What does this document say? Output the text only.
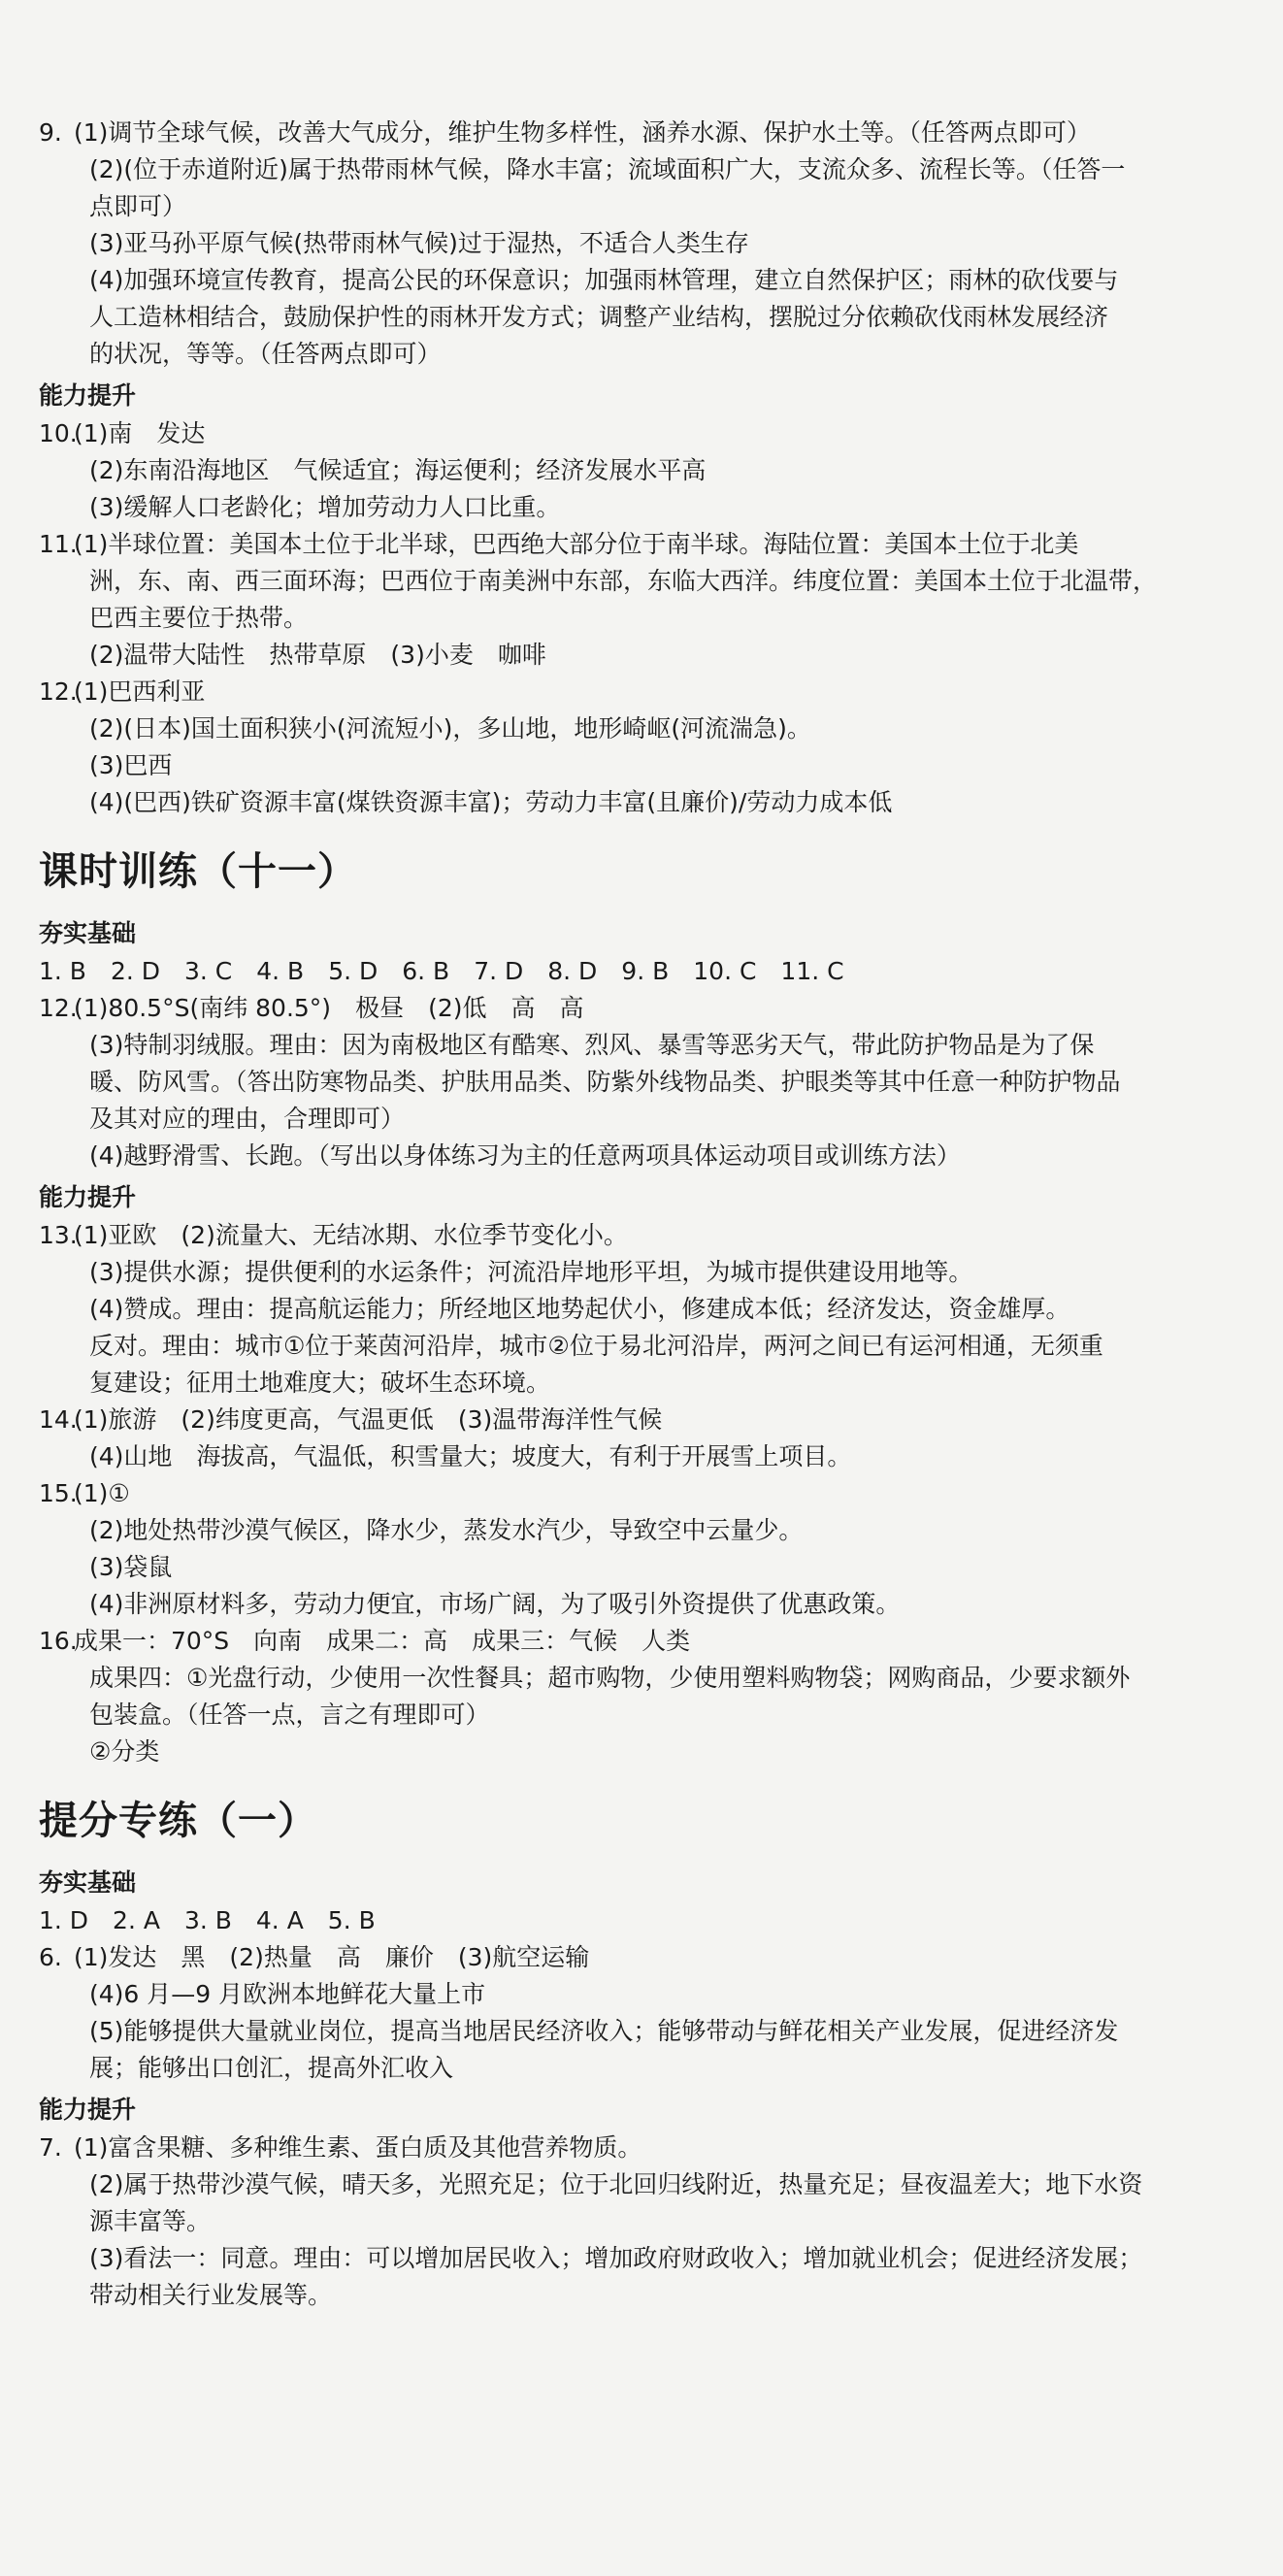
9. (1)调节全球气候，改善大气成分，维护生物多样性，涵养水源、保护水土等。（任答两点即可）
(2)(位于赤道附近)属于热带雨林气候，降水丰富；流域面积广大，支流众多、流程长等。（任答一
点即可）
(3)亚马孙平原气候(热带雨林气候)过于湿热，不适合人类生存
(4)加强环境宣传教育，提高公民的环保意识；加强雨林管理，建立自然保护区；雨林的砍伐要与
人工造林相结合，鼓励保护性的雨林开发方式；调整产业结构，摆脱过分依赖砍伐雨林发展经济
的状况，等等。（任答两点即可）
能力提升
10.
(1)南　发达
(2)东南沿海地区　气候适宜；海运便利；经济发展水平高
(3)缓解人口老龄化；增加劳动力人口比重。
11.
(1)半球位置：美国本土位于北半球，巴西绝大部分位于南半球。海陆位置：美国本土位于北美
洲，东、南、西三面环海；巴西位于南美洲中东部，东临大西洋。纬度位置：美国本土位于北温带，
巴西主要位于热带。
(2)温带大陆性　热带草原　(3)小麦　咖啡
12.
(1)巴西利亚
(2)(日本)国土面积狭小(河流短小)，多山地，地形崎岖(河流湍急)。
(3)巴西
(4)(巴西)铁矿资源丰富(煤铁资源丰富)；劳动力丰富(且廉价)/劳动力成本低
课时训练（十一）
夯实基础
1. B　2. D　3. C　4. B　5. D　6. B　7. D　8. D　9. B　10. C　11. C
12.
(1)80.5°S(南纬 80.5°)　极昼　(2)低　高　高
(3)特制羽绒服。理由：因为南极地区有酷寒、烈风、暴雪等恶劣天气，带此防护物品是为了保
暖、防风雪。（答出防寒物品类、护肤用品类、防紫外线物品类、护眼类等其中任意一种防护物品
及其对应的理由，合理即可）
(4)越野滑雪、长跑。（写出以身体练习为主的任意两项具体运动项目或训练方法）
能力提升
13.
(1)亚欧　(2)流量大、无结冰期、水位季节变化小。
(3)提供水源；提供便利的水运条件；河流沿岸地形平坦，为城市提供建设用地等。
(4)赞成。理由：提高航运能力；所经地区地势起伏小，修建成本低；经济发达，资金雄厚。
反对。理由：城市①位于莱茵河沿岸，城市②位于易北河沿岸，两河之间已有运河相通，无须重
复建设；征用土地难度大；破坏生态环境。
14.
(1)旅游　(2)纬度更高，气温更低　(3)温带海洋性气候
(4)山地　海拔高，气温低，积雪量大；坡度大，有利于开展雪上项目。
15.
(1)①
(2)地处热带沙漠气候区，降水少，蒸发水汽少，导致空中云量少。
(3)袋鼠
(4)非洲原材料多，劳动力便宜，市场广阔，为了吸引外资提供了优惠政策。
16.
成果一：70°S　向南　成果二：高　成果三：气候　人类
成果四：①光盘行动，少使用一次性餐具；超市购物，少使用塑料购物袋；网购商品，少要求额外
包装盒。（任答一点，言之有理即可）
②分类
提分专练（一）
夯实基础
1. D　2. A　3. B　4. A　5. B
6. (1)发达　黑　(2)热量　高　廉价　(3)航空运输
(4)6 月—9 月欧洲本地鲜花大量上市
(5)能够提供大量就业岗位，提高当地居民经济收入；能够带动与鲜花相关产业发展，促进经济发
展；能够出口创汇，提高外汇收入
能力提升
7. (1)富含果糖、多种维生素、蛋白质及其他营养物质。
(2)属于热带沙漠气候，晴天多，光照充足；位于北回归线附近，热量充足；昼夜温差大；地下水资
源丰富等。
(3)看法一：同意。理由：可以增加居民收入；增加政府财政收入；增加就业机会；促进经济发展；
带动相关行业发展等。
